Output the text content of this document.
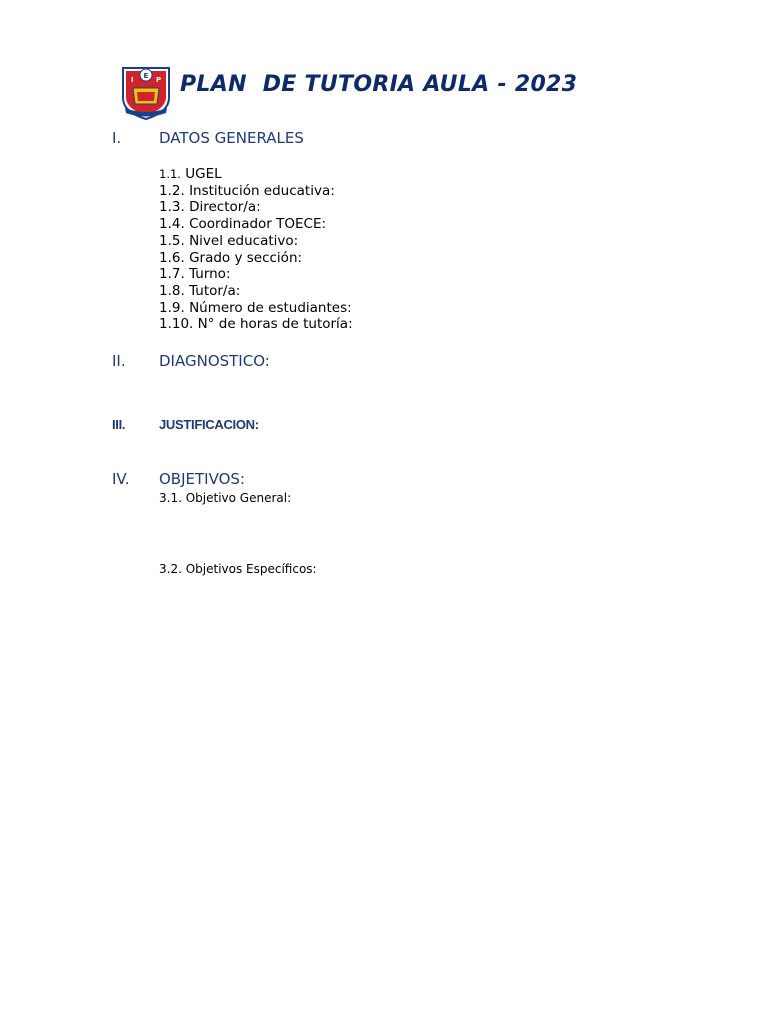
I E P PLAN  DE TUTORIA AULA - 2023
I.	DATOS GENERALES
1.1. UGEL
1.2. Institución educativa:
1.3. Director/a:
1.4. Coordinador TOECE:
1.5. Nivel educativo:
1.6. Grado y sección:
1.7. Turno:
1.8. Tutor/a:
1.9. Número de estudiantes:
1.10. N° de horas de tutoría:
II. DIAGNOSTICO:
III.	JUSTIFICACION:
IV. OBJETIVOS:
3.1. Objetivo General:
3.2. Objetivos Específicos:
